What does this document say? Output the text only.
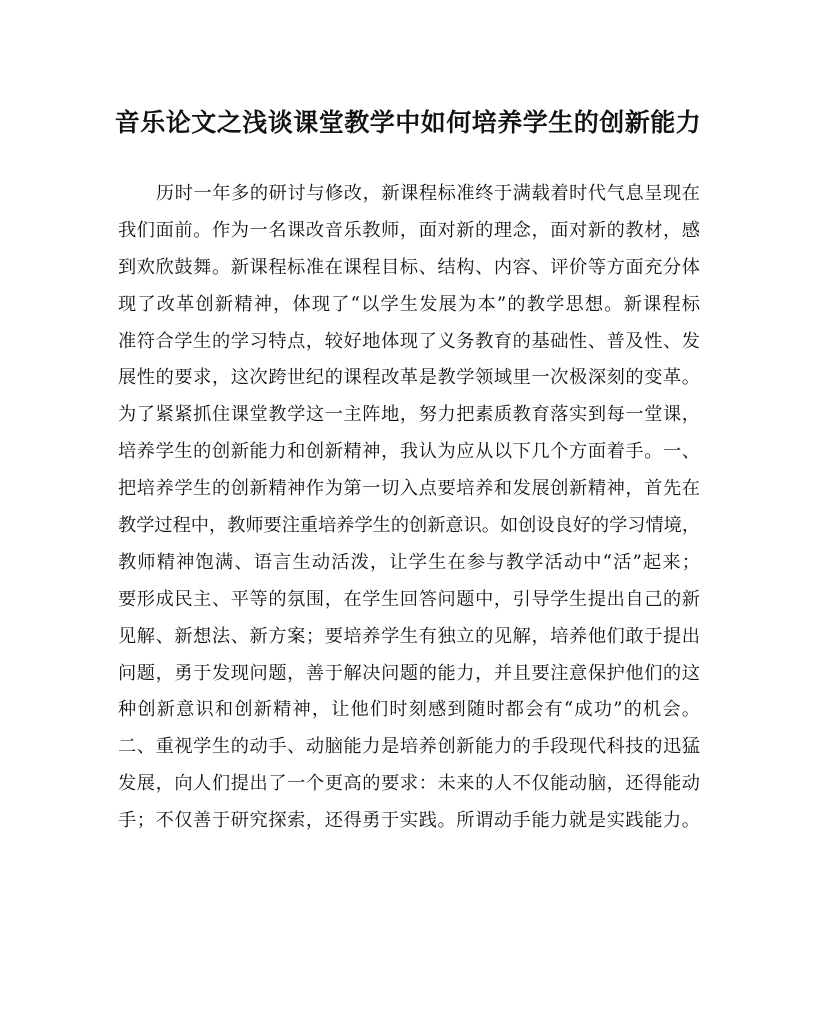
音乐论文之浅谈课堂教学中如何培养学生的创新能力
历时一年多的研讨与修改，新课程标准终于满载着时代气息呈现在
我们面前。作为一名课改音乐教师，面对新的理念，面对新的教材，感
到欢欣鼓舞。新课程标准在课程目标、结构、内容、评价等方面充分体
现了改革创新精神，体现了“以学生发展为本”的教学思想。新课程标
准符合学生的学习特点，较好地体现了义务教育的基础性、普及性、发
展性的要求，这次跨世纪的课程改革是教学领域里一次极深刻的变革。
为了紧紧抓住课堂教学这一主阵地，努力把素质教育落实到每一堂课，
培养学生的创新能力和创新精神，我认为应从以下几个方面着手。一、
把培养学生的创新精神作为第一切入点要培养和发展创新精神，首先在
教学过程中，教师要注重培养学生的创新意识。如创设良好的学习情境，
教师精神饱满、语言生动活泼，让学生在参与教学活动中“活”起来；
要形成民主、平等的氛围，在学生回答问题中，引导学生提出自己的新
见解、新想法、新方案；要培养学生有独立的见解，培养他们敢于提出
问题，勇于发现问题，善于解决问题的能力，并且要注意保护他们的这
种创新意识和创新精神，让他们时刻感到随时都会有“成功”的机会。
二、重视学生的动手、动脑能力是培养创新能力的手段现代科技的迅猛
发展，向人们提出了一个更高的要求：未来的人不仅能动脑，还得能动
手；不仅善于研究探索，还得勇于实践。所谓动手能力就是实践能力。
